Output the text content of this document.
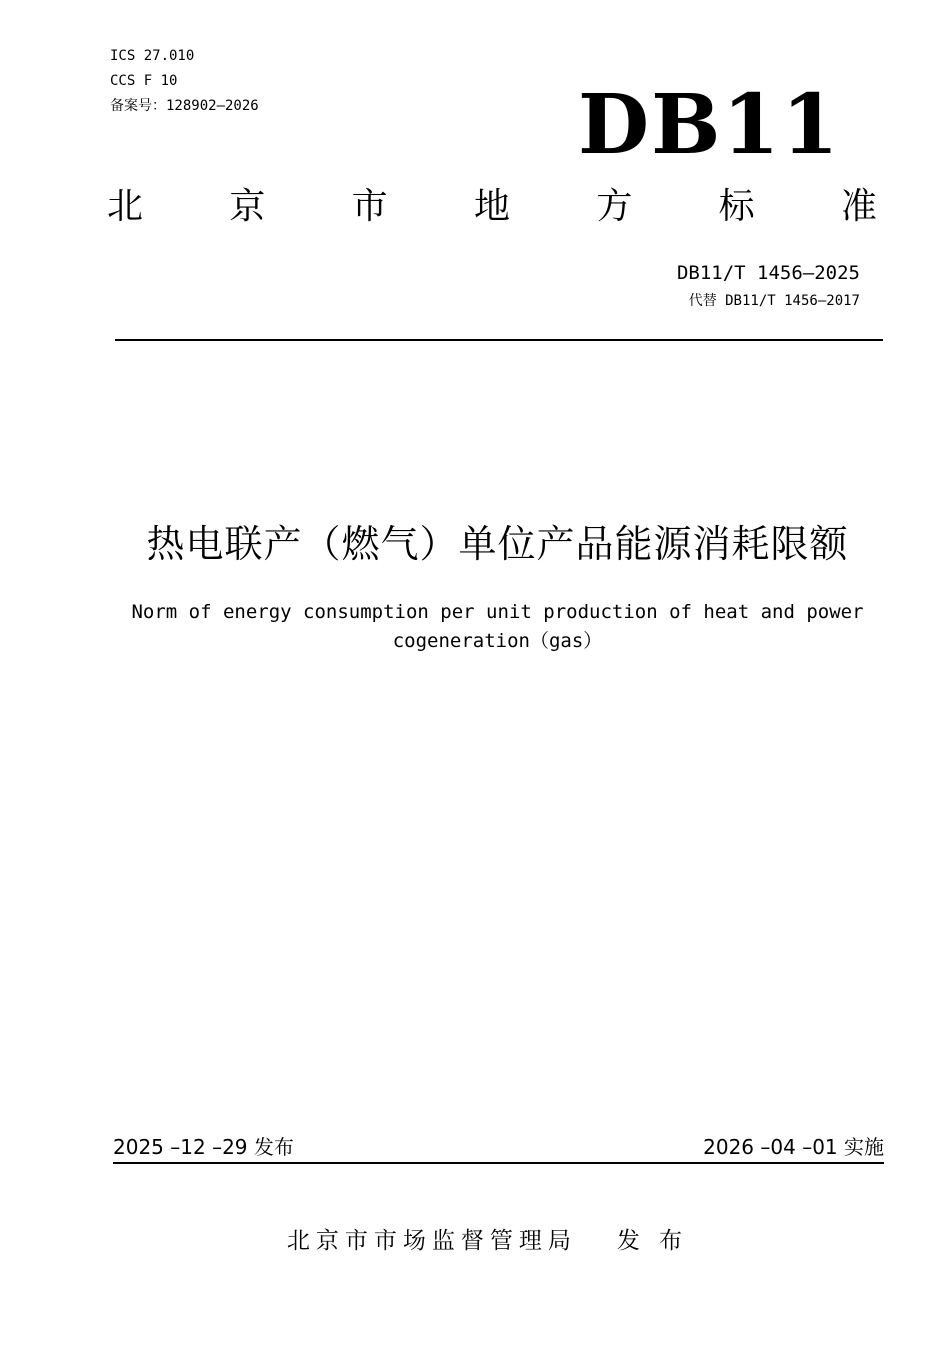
ICS 27.010
CCS F 10
备案号：128902—2026	DB11
北 京 市 地 方 标 准
DB11/T 1456—2025
代替 DB11/T 1456—2017
热电联产（燃气）单位产品能源消耗限额
Norm of energy consumption per unit production of heat and power
cogeneration（gas）
2025 –12 –29 发布	2026 –04 –01 实施
北京市市场监督管理局 发 布
